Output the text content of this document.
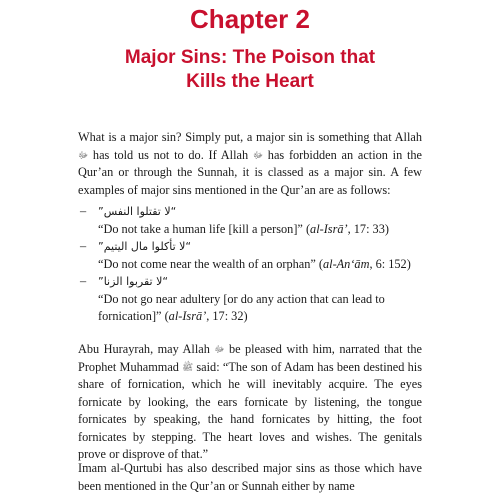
Chapter 2
Major Sins: The Poison that
Kills the Heart

What is a major sin? Simply put, a major sin is something that Allah ﷻ has told us not to do. If Allah ﷻ has forbidden an action in the Qur’an or through the Sunnah, it is classed as a major sin. A few examples of major sins mentioned in the Qur’an are as follows:

– “لا تقتلوا النفس”
“Do not take a human life [kill a person]” (al-Isrā’, 17: 33)
– “لا تأكلوا مال اليتيم”
“Do not come near the wealth of an orphan” (al-An‘ām, 6: 152)
– “لا تقربوا الزنا”
“Do not go near adultery [or do any action that can lead to fornication]” (al-Isrā’, 17: 32)

Abu Hurayrah, may Allah ﷻ be pleased with him, narrated that the Prophet Muhammad ﷺ said: “The son of Adam has been destined his share of fornication, which he will inevitably acquire. The eyes fornicate by looking, the ears fornicate by listening, the tongue fornicates by speaking, the hand fornicates by hitting, the foot fornicates by stepping. The heart loves and wishes. The genitals prove or disprove of that.”

Imam al-Qurtubi has also described major sins as those which have been mentioned in the Qur’an or Sunnah either by name
